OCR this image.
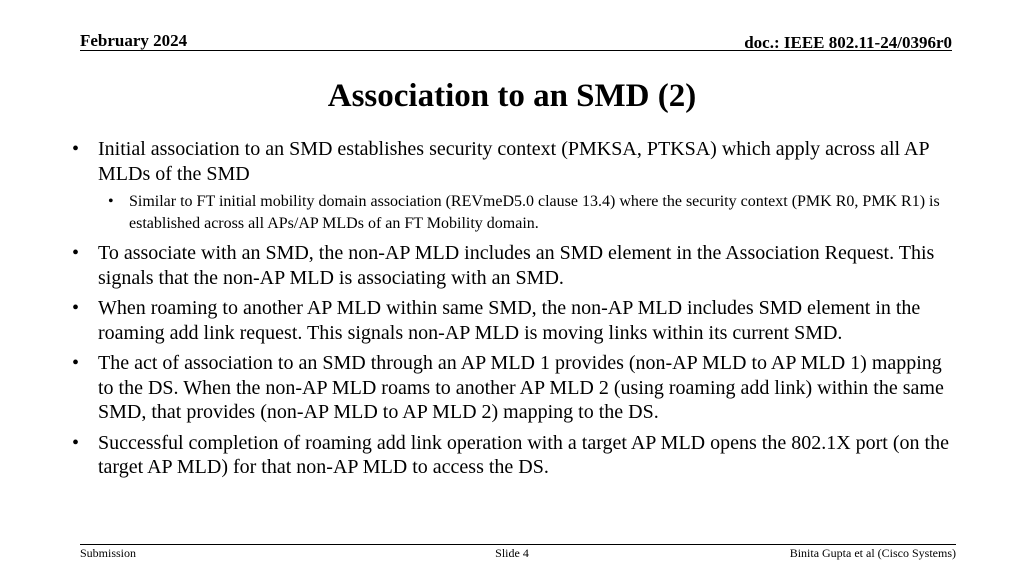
February 2024	doc.: IEEE 802.11-24/0396r0
Association to an SMD (2)
• Initial association to an SMD establishes security context (PMKSA, PTKSA) which apply across all AP MLDs of the SMD
• Similar to FT initial mobility domain association (REVmeD5.0 clause 13.4) where the security context (PMK R0, PMK R1) is established across all APs/AP MLDs of an FT Mobility domain.
• To associate with an SMD, the non-AP MLD includes an SMD element in the Association Request. This signals that the non-AP MLD is associating with an SMD.
• When roaming to another AP MLD within same SMD, the non-AP MLD includes SMD element in the roaming add link request. This signals non-AP MLD is moving links within its current SMD.
• The act of association to an SMD through an AP MLD 1 provides (non-AP MLD to AP MLD 1) mapping to the DS. When the non-AP MLD roams to another AP MLD 2 (using roaming add link) within the same SMD, that provides (non-AP MLD to AP MLD 2) mapping to the DS.
• Successful completion of roaming add link operation with a target AP MLD opens the 802.1X port (on the target AP MLD) for that non-AP MLD to access the DS.
Submission	Slide 4	Binita Gupta et al (Cisco Systems)
